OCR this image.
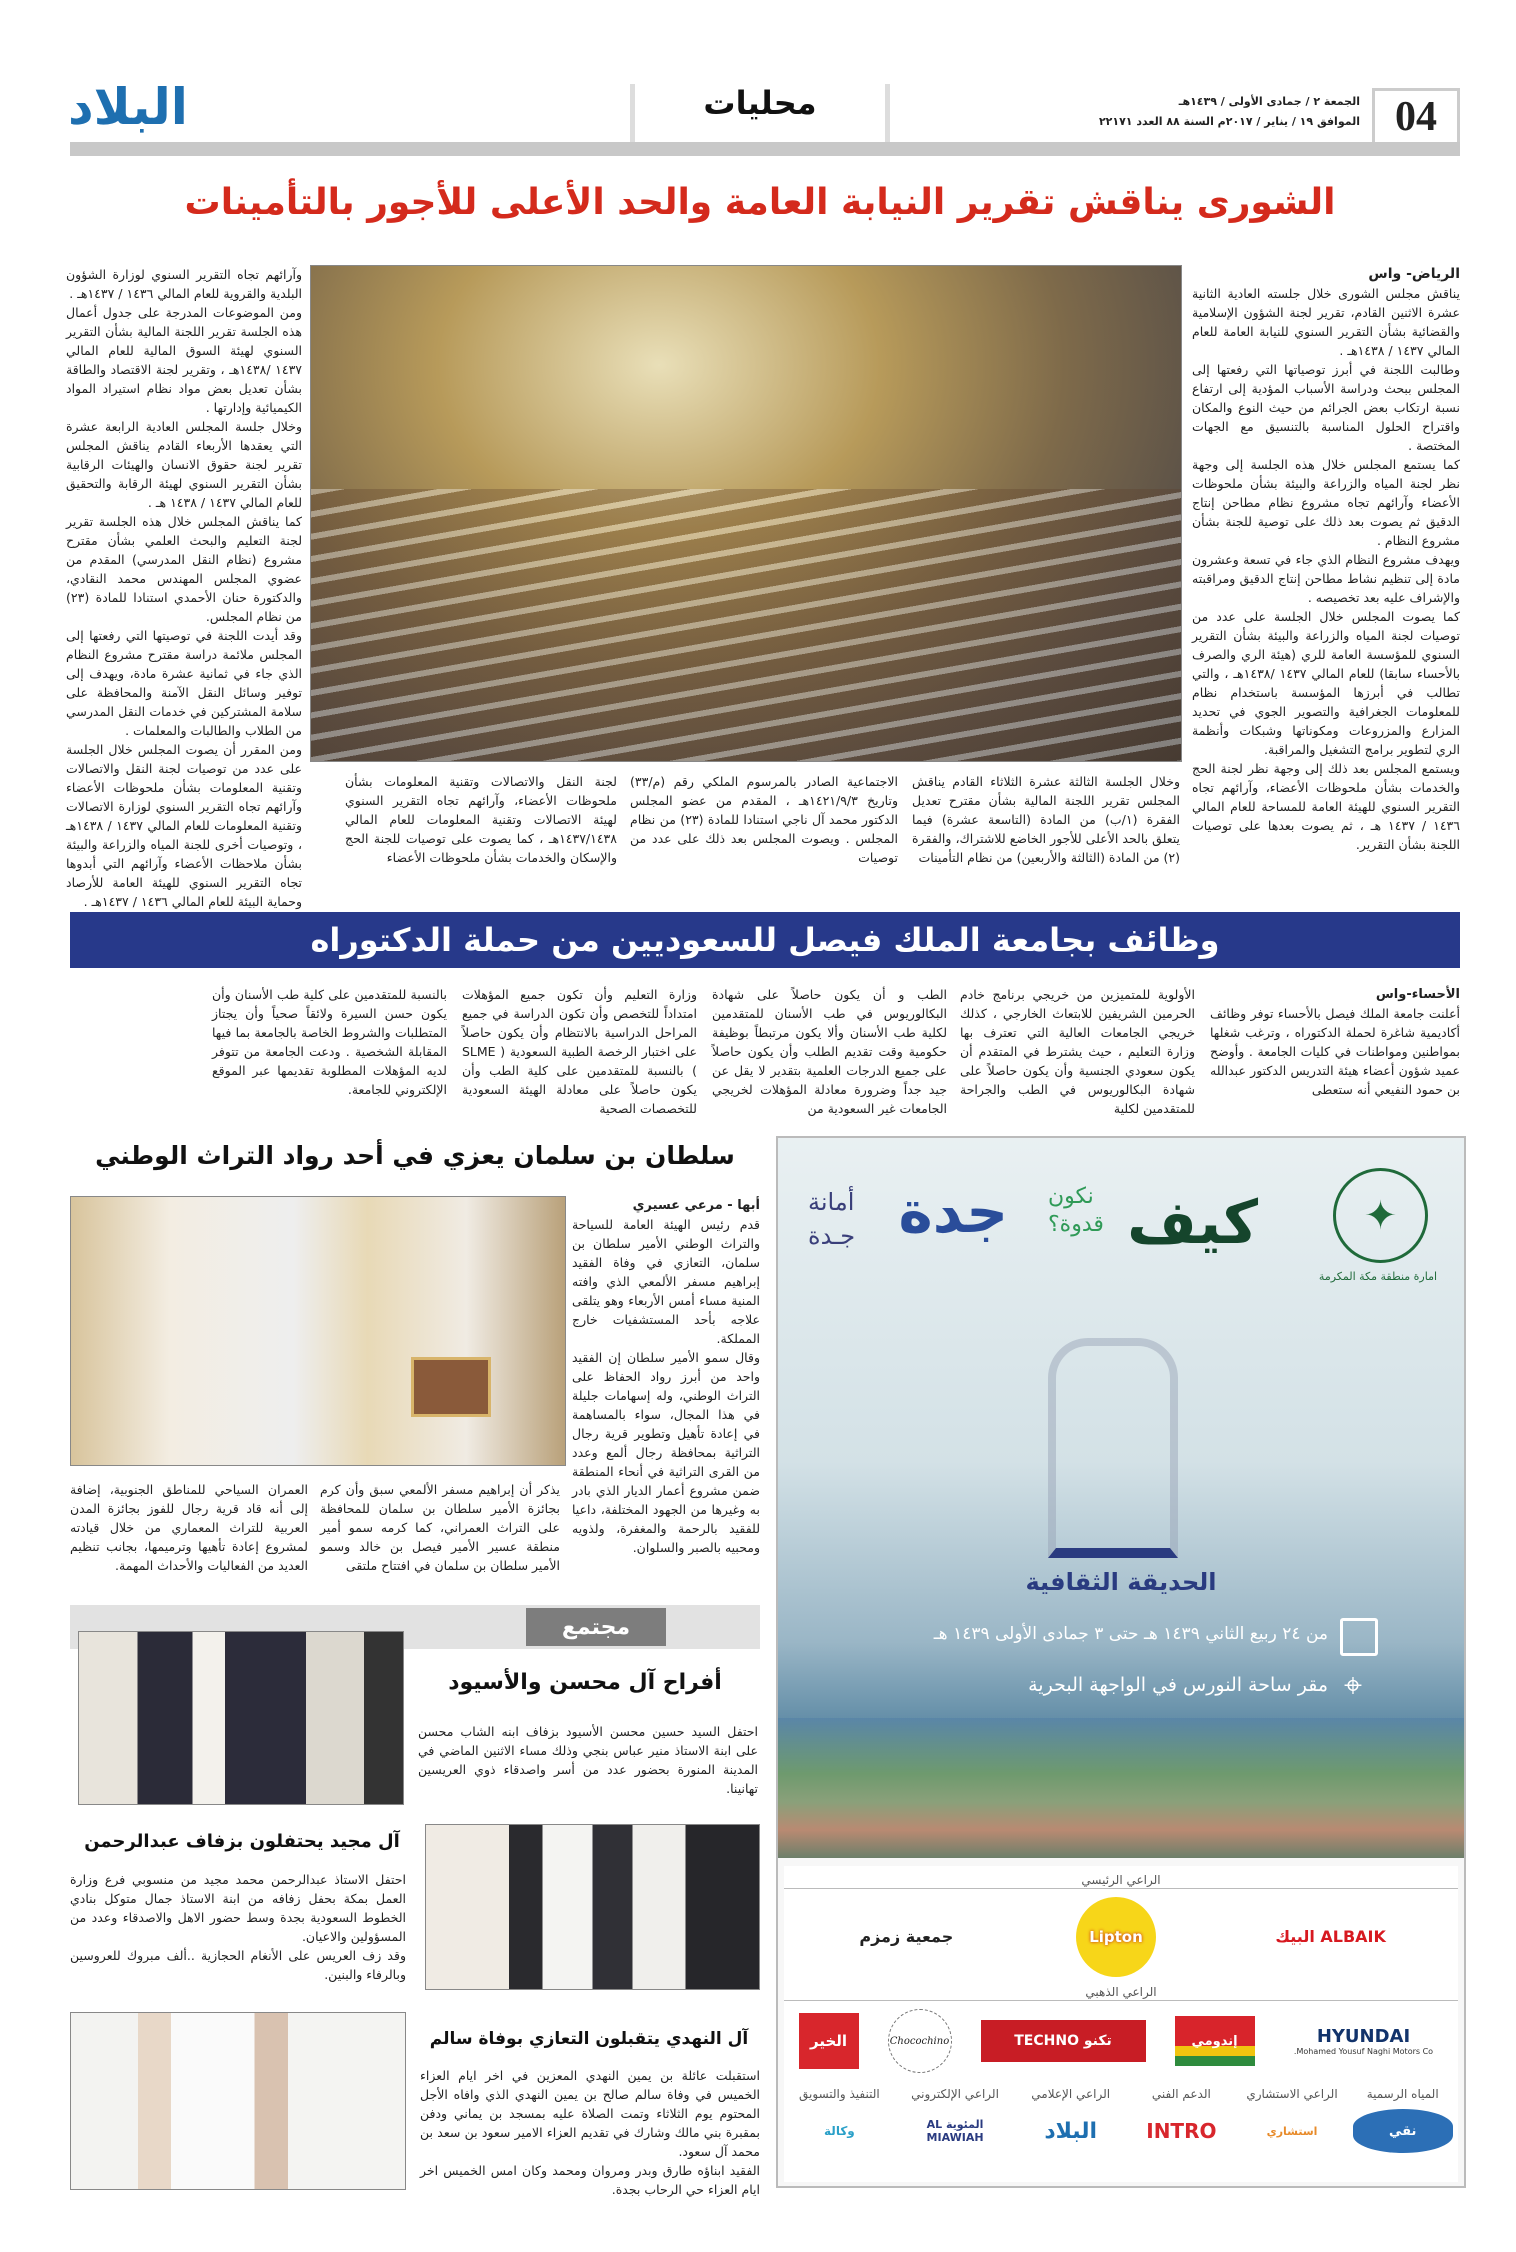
04
الجمعة ٢ / جمادى الأولى / ١٤٣٩هـ
الموافق ١٩ / يناير / ٢٠١٧م السنة ٨٨ العدد ٢٢١٧١
محليات
البلاد
الشورى يناقش تقرير النيابة العامة والحد الأعلى للأجور بالتأمينات
الرياض- واس

يناقش مجلس الشورى خلال جلسته العادية الثانية عشرة الاثنين القادم، تقرير لجنة الشؤون الإسلامية والقضائية بشأن التقرير السنوي للنيابة العامة للعام المالي ١٤٣٧ / ١٤٣٨هـ .

وطالبت اللجنة في أبرز توصياتها التي رفعتها إلى المجلس ببحث ودراسة الأسباب المؤدية إلى ارتفاع نسبة ارتكاب بعض الجرائم من حيث النوع والمكان واقتراح الحلول المناسبة بالتنسيق مع الجهات المختصة .

كما يستمع المجلس خلال هذه الجلسة إلى وجهة نظر لجنة المياه والزراعة والبيئة بشأن ملحوظات الأعضاء وآرائهم تجاه مشروع نظام مطاحن إنتاج الدقيق ثم يصوت بعد ذلك على توصية للجنة بشأن مشروع النظام .

ويهدف مشروع النظام الذي جاء في تسعة وعشرون مادة إلى تنظيم نشاط مطاحن إنتاج الدقيق ومراقبته والإشراف عليه بعد تخصيصه .

كما يصوت المجلس خلال الجلسة على عدد من توصيات لجنة المياه والزراعة والبيئة بشأن التقرير السنوي للمؤسسة العامة للري (هيئة الري والصرف بالأحساء سابقا) للعام المالي ١٤٣٧ /١٤٣٨هـ ، والتي تطالب في أبرزها المؤسسة باستخدام نظام للمعلومات الجغرافية والتصوير الجوي في تحديد المزارع والمزروعات ومكوناتها وشبكات وأنظمة الري لتطوير برامج التشغيل والمراقبة.

ويستمع المجلس بعد ذلك إلى وجهة نظر لجنة الحج والخدمات بشأن ملحوظات الأعضاء، وآرائهم تجاه التقرير السنوي للهيئة العامة للمساحة للعام المالي ١٤٣٦ / ١٤٣٧ هـ ، ثم يصوت بعدها على توصيات اللجنة بشأن التقرير.

وآرائهم تجاه التقرير السنوي لوزارة الشؤون البلدية والقروية للعام المالي ١٤٣٦ / ١٤٣٧هـ .

ومن الموضوعات المدرجة على جدول أعمال هذه الجلسة تقرير اللجنة المالية بشأن التقرير السنوي لهيئة السوق المالية للعام المالي ١٤٣٧ /١٤٣٨هـ ، وتقرير لجنة الاقتصاد والطاقة بشأن تعديل بعض مواد نظام استيراد المواد الكيميائية وإدارتها .

وخلال جلسة المجلس العادية الرابعة عشرة التي يعقدها الأربعاء القادم يناقش المجلس تقرير لجنة حقوق الانسان والهيئات الرقابية بشأن التقرير السنوي لهيئة الرقابة والتحقيق للعام المالي ١٤٣٧ / ١٤٣٨ هـ .

كما يناقش المجلس خلال هذه الجلسة تقرير لجنة التعليم والبحث العلمي بشأن مقترح مشروع (نظام النقل المدرسي) المقدم من عضوي المجلس المهندس محمد النقادي، والدكتورة حنان الأحمدي استنادا للمادة (٢٣) من نظام المجلس.

وقد أيدت اللجنة في توصيتها التي رفعتها إلى المجلس ملائمة دراسة مقترح مشروع النظام الذي جاء في ثمانية عشرة مادة، ويهدف إلى توفير وسائل النقل الآمنة والمحافظة على سلامة المشتركين في خدمات النقل المدرسي من الطلاب والطالبات والمعلمات .

ومن المقرر أن يصوت المجلس خلال الجلسة على عدد من توصيات لجنة النقل والاتصالات وتقنية المعلومات بشأن ملحوظات الأعضاء وآرائهم تجاه التقرير السنوي لوزارة الاتصالات وتقنية المعلومات للعام المالي ١٤٣٧ / ١٤٣٨هـ ، وتوصيات أخرى للجنة المياه والزراعة والبيئة بشأن ملاحظات الأعضاء وآرائهم التي أبدوها تجاه التقرير السنوي للهيئة العامة للأرصاد وحماية البيئة للعام المالي ١٤٣٦ / ١٤٣٧هـ .

وخلال الجلسة الثالثة عشرة الثلاثاء القادم يناقش المجلس تقرير اللجنة المالية بشأن مقترح تعديل الفقرة (١/ب) من المادة (التاسعة عشرة) فيما يتعلق بالحد الأعلى للأجور الخاضع للاشتراك، والفقرة (٢) من المادة (الثالثة والأربعين) من نظام التأمينات
الاجتماعية الصادر بالمرسوم الملكي رقم (م/٣٣) وتاريخ ١٤٢١/٩/٣هـ ، المقدم من عضو المجلس الدكتور محمد آل ناجي استنادا للمادة (٢٣) من نظام المجلس . ويصوت المجلس بعد ذلك على عدد من توصيات
لجنة النقل والاتصالات وتقنية المعلومات بشأن ملحوظات الأعضاء، وآرائهم تجاه التقرير السنوي لهيئة الاتصالات وتقنية المعلومات للعام المالي ١٤٣٧/١٤٣٨هـ ، كما يصوت على توصيات للجنة الحج والإسكان والخدمات بشأن ملحوظات الأعضاء
وظائف بجامعة الملك فيصل للسعوديين من حملة الدكتوراه
الأحساء-واس

أعلنت جامعة الملك فيصل بالأحساء توفر وظائف أكاديمية شاغرة لحملة الدكتوراه ، وترغب شغلها بمواطنين ومواطنات في كليات الجامعة . وأوضح عميد شؤون أعضاء هيئة التدريس الدكتور عبدالله بن حمود النفيعي أنه ستعطى

الأولوية للمتميزين من خريجي برنامج خادم الحرمين الشريفين للابتعاث الخارجي ، كذلك خريجي الجامعات العالية التي تعترف بها وزارة التعليم ، حيث يشترط في المتقدم أن يكون سعودي الجنسية وأن يكون حاصلاً على شهادة البكالوريوس في الطب والجراحة للمتقدمين لكلية
الطب و أن يكون حاصلاً على شهادة البكالوريوس في طب الأسنان للمتقدمين لكلية طب الأسنان وألا يكون مرتبطاً بوظيفة حكومية وقت تقديم الطلب وأن يكون حاصلاً على جميع الدرجات العلمية بتقدير لا يقل عن جيد جداً وضرورة معادلة المؤهلات لخريجي الجامعات غير السعودية من
وزارة التعليم وأن تكون جميع المؤهلات امتداداً للتخصص وأن تكون الدراسة في جميع المراحل الدراسية بالانتظام وأن يكون حاصلاً على اختبار الرخصة الطبية السعودية ( SLME ) بالنسبة للمتقدمين على كلية الطب وأن يكون حاصلاً على معادلة الهيئة السعودية للتخصصات الصحية
بالنسبة للمتقدمين على كلية طب الأسنان وأن يكون حسن السيرة ولائقاً صحياً وأن يجتاز المتطلبات والشروط الخاصة بالجامعة بما فيها المقابلة الشخصية . ودعت الجامعة من تتوفر لديه المؤهلات المطلوبة تقديمها عبر الموقع الإلكتروني للجامعة.
سلطان بن سلمان يعزي في أحد رواد التراث الوطني
أبها - مرعي عسيري

قدم رئيس الهيئة العامة للسياحة والتراث الوطني الأمير سلطان بن سلمان، التعازي في وفاة الفقيد إبراهيم مسفر الألمعي الذي وافته المنية مساء أمس الأربعاء وهو يتلقى علاجه بأحد المستشفيات خارج المملكة.

وقال سمو الأمير سلطان إن الفقيد واحد من أبرز رواد الحفاظ على التراث الوطني، وله إسهامات جليلة في هذا المجال، سواء بالمساهمة في إعادة تأهيل وتطوير قرية رجال التراثية بمحافظة رجال ألمع وعدد من القرى التراثية في أنحاء المنطقة ضمن مشروع أعمار الديار الذي بادر به وغيرها من الجهود المختلفة، داعيا للفقيد بالرحمة والمغفرة، ولذويه ومحبيه بالصبر والسلوان.

يذكر أن إبراهيم مسفر الألمعي سبق وأن كرم بجائزة الأمير سلطان بن سلمان للمحافظة على التراث العمراني، كما كرمه سمو أمير منطقة عسير الأمير فيصل بن خالد وسمو الأمير سلطان بن سلمان في افتتاح ملتقى
العمران السياحي للمناطق الجنوبية، إضافة إلى أنه قاد قرية رجال للفوز بجائزة المدن العربية للتراث المعماري من خلال قيادته لمشروع إعادة تأهيها وترميمها، بجانب تنظيم العديد من الفعاليات والأحداث المهمة.
مجتمع
أفراح آل محسن والأسيود
احتفل السيد حسين محسن الأسيود بزفاف ابنه الشاب محسن على ابنة الاستاذ منير عباس بنجي وذلك مساء الاثنين الماضي في المدينة المنورة بحضور عدد من أسر واصدقاء ذوي العريسين تهانينا.
آل مجيد يحتفلون بزفاف عبدالرحمن

احتفل الاستاذ عبدالرحمن محمد مجيد من منسوبي فرع وزارة العمل بمكة بحفل زفافه من ابنة الاستاذ جمال متوكل بنادي الخطوط السعودية بجدة وسط حضور الاهل والاصدقاء وعدد من المسؤولين والاعيان.

وقد زف العريس على الأنغام الحجازية ..ألف مبروك للعروسين وبالرفاء والبنين.

آل النهدي يتقبلون التعازي بوفاة سالم

استقبلت عائلة بن يمين النهدي المعزين في اخر ايام العزاء الخميس في وفاة سالم صالح بن يمين النهدي الذي وافاه الأجل المحتوم يوم الثلاثاء وتمت الصلاة عليه بمسجد بن يماني ودفن بمقبرة بني مالك وشارك في تقديم العزاء الامير سعود بن سعد بن محمد آل سعود.

الفقيد ابناؤه طارق وبدر ومروان ومحمد وكان امس الخميس اخر ايام العزاء حي الرحاب بجدة.

✦
امارة منطقة مكة المكرمة
كيف
نكون
قدوة؟
جدة
أمانة
جـدة
الحديقة الثقافية
من ٢٤ ربيع الثاني ١٤٣٩ هـ حتى ٣ جمادى الأولى ١٤٣٩ هـ
⌖
مقر ساحة النورس في الواجهة البحرية
الراعي الرئيسي
جمعية زمزم	Lipton	البيك ALBAIK
الراعي الذهبي
HYUNDAI
Mohamed Yousuf Naghi Motors Co.
إندومي
تكنو TECHNO
Chocochino
الخير
المياه الرسمية
نقي
الراعي الاستشاري
استشاري
الدعم الفني
INTRO
الراعي الإعلامي
البلاد
الراعي الإلكتروني
المئوية AL MIAWIAH
التنفيذ والتسويق
وكالة
